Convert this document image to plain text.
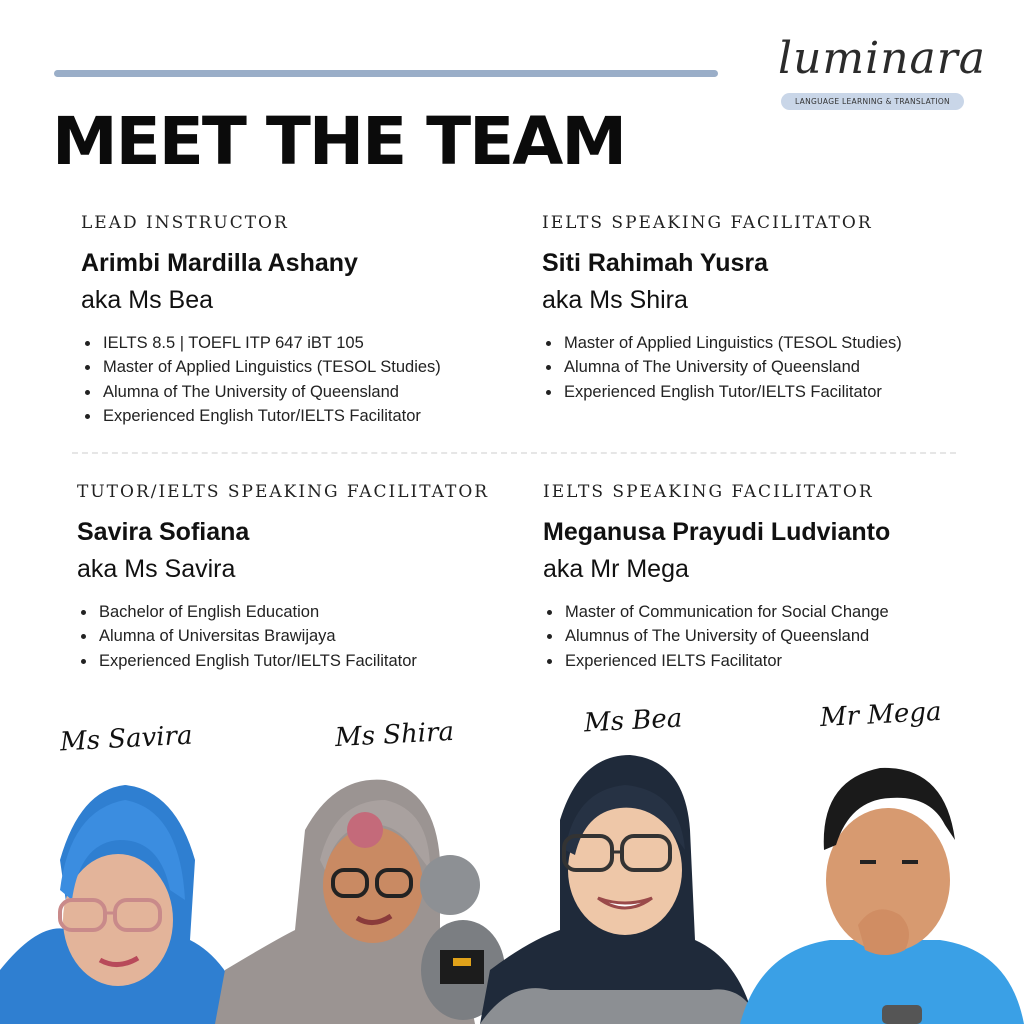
luminara
LANGUAGE LEARNING & TRANSLATION
MEET THE TEAM
LEAD INSTRUCTOR
Arimbi Mardilla Ashany
aka Ms Bea
• IELTS 8.5 | TOEFL ITP 647 iBT 105
• Master of Applied Linguistics (TESOL Studies)
• Alumna of The University of Queensland
• Experienced English Tutor/IELTS Facilitator
IELTS SPEAKING FACILITATOR
Siti Rahimah Yusra
aka Ms Shira
• Master of Applied Linguistics (TESOL Studies)
• Alumna of The University of Queensland
• Experienced English Tutor/IELTS Facilitator
TUTOR/IELTS SPEAKING FACILITATOR
Savira Sofiana
aka Ms Savira
• Bachelor of English Education
• Alumna of Universitas Brawijaya
• Experienced English Tutor/IELTS Facilitator
IELTS SPEAKING FACILITATOR
Meganusa Prayudi Ludvianto
aka Mr Mega
• Master of Communication for Social Change
• Alumnus of The University of Queensland
• Experienced IELTS Facilitator
Ms Savira	Ms Shira	Ms Bea	Mr Mega
